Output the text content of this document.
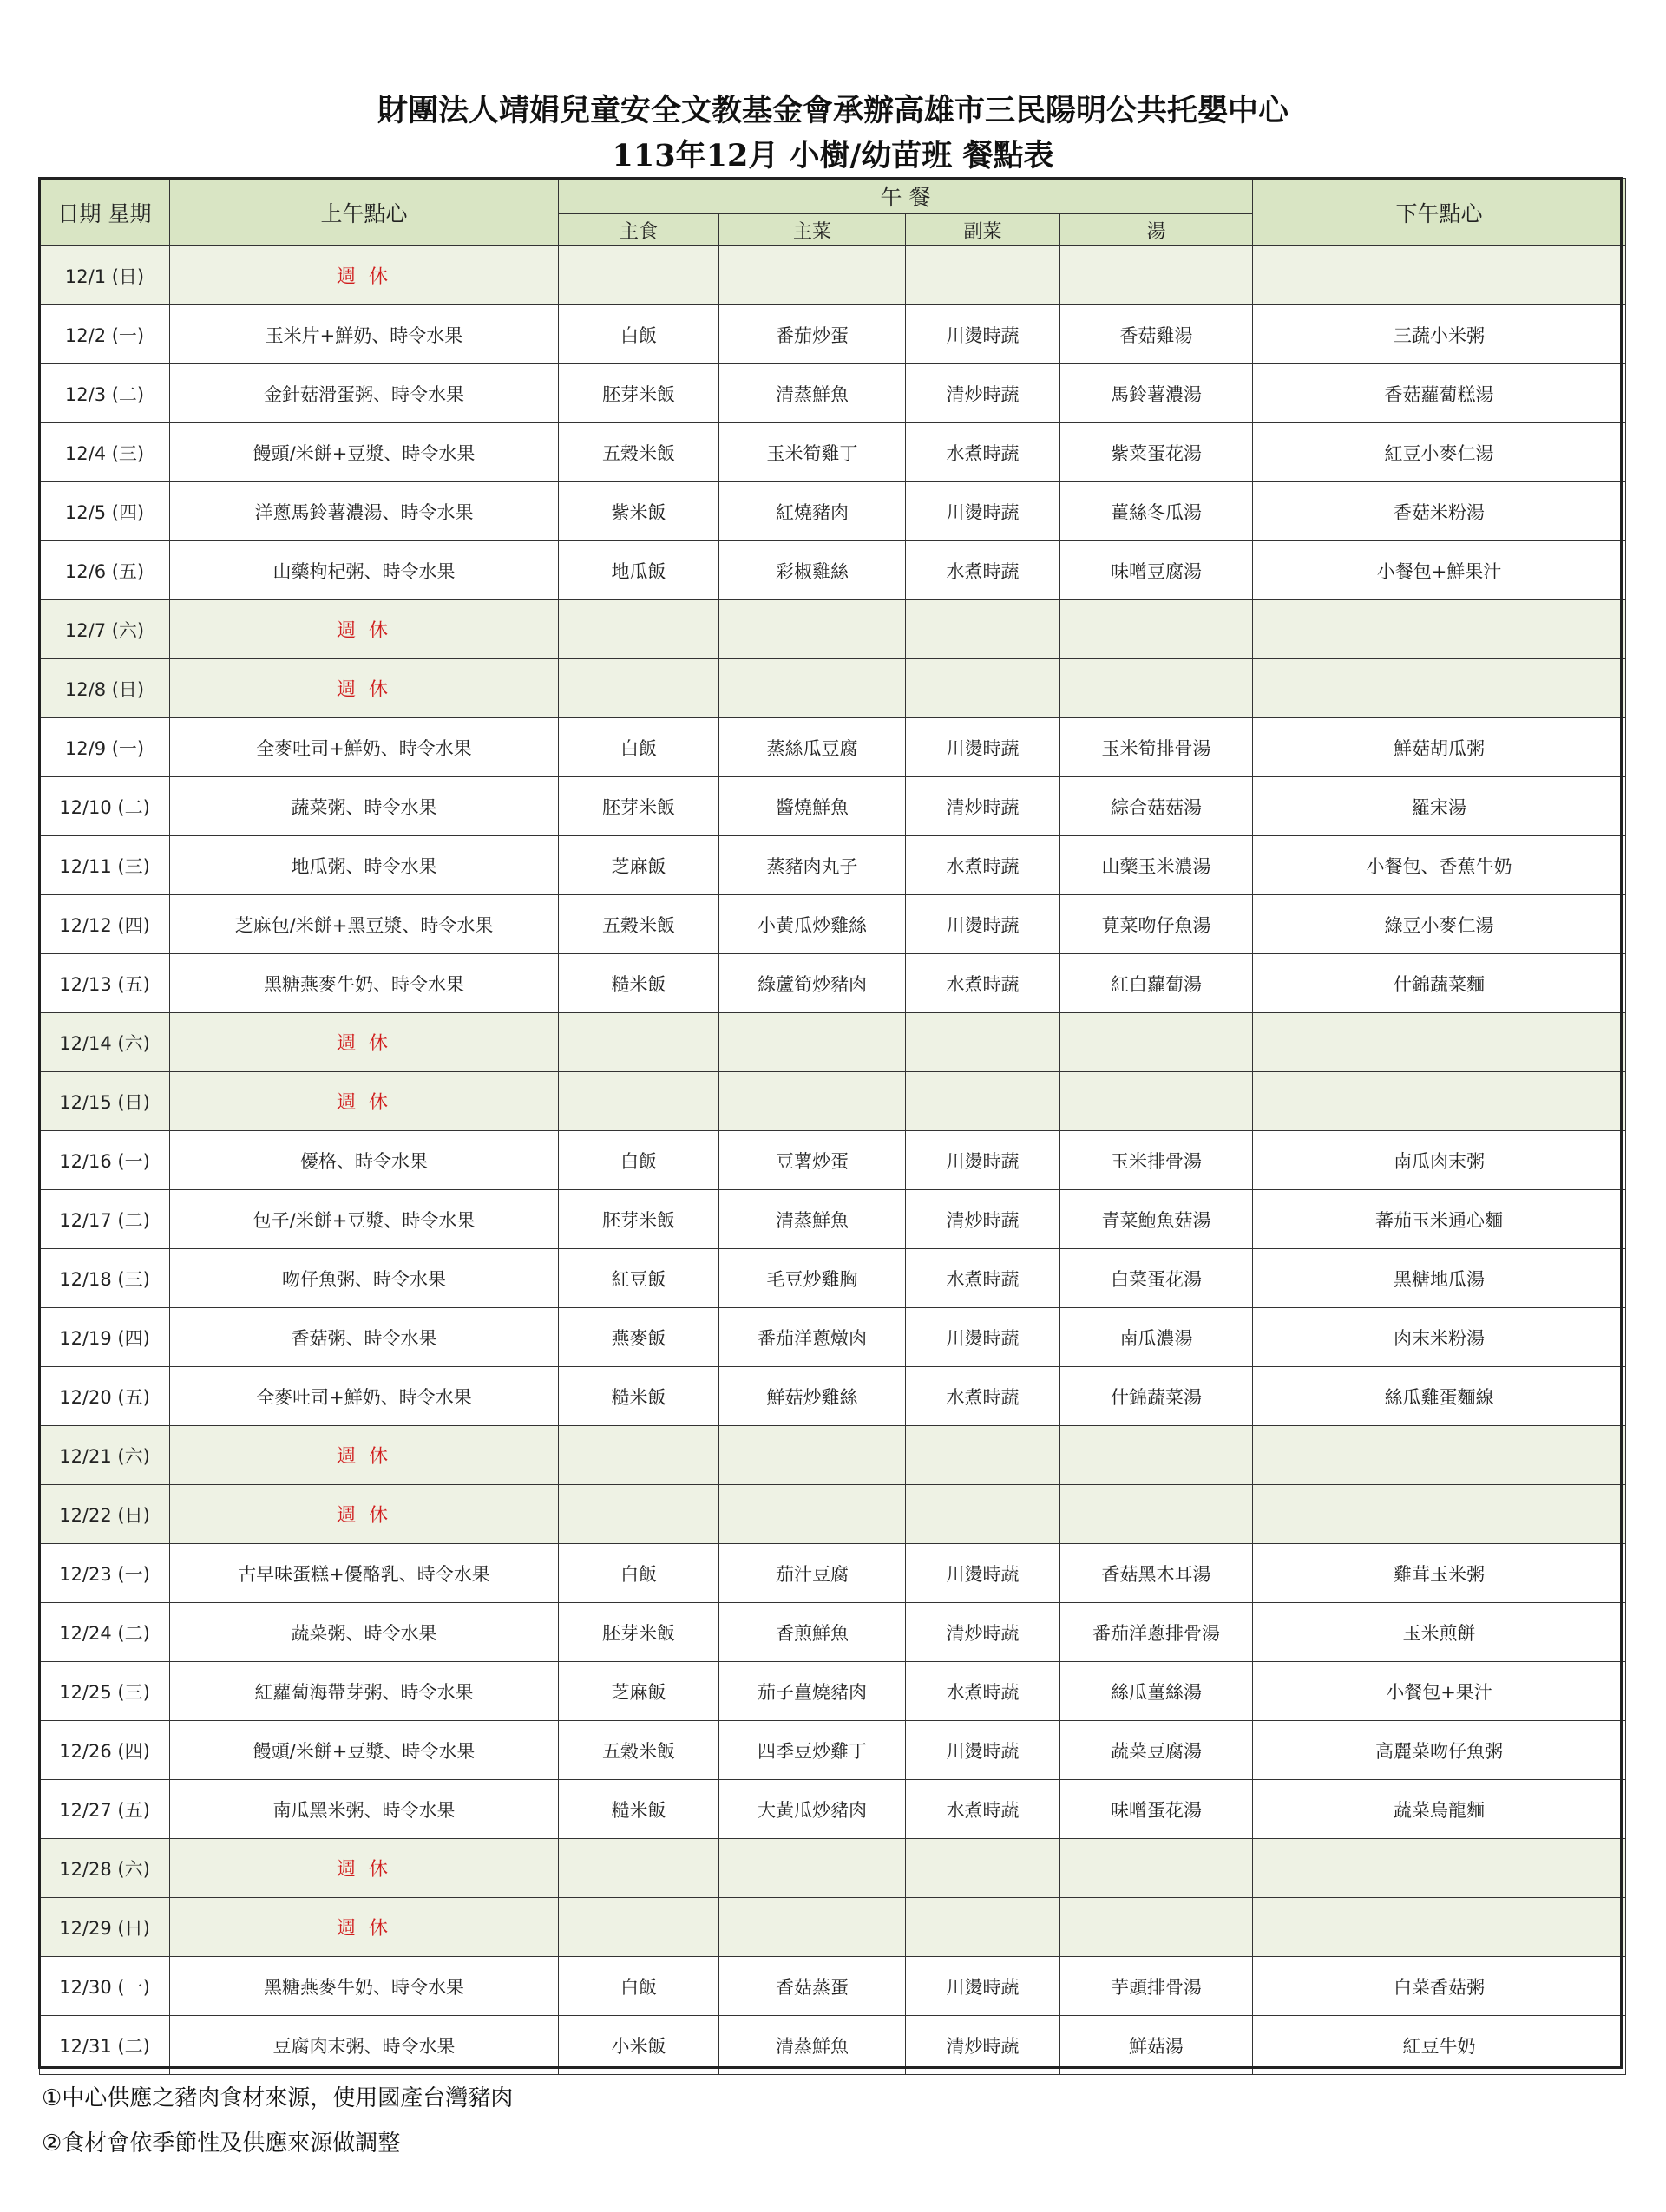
財團法人靖娟兒童安全文教基金會承辦高雄市三民陽明公共托嬰中心
113年12月 小樹/幼苗班 餐點表
日期 星期	上午點心	午 餐				下午點心
		主食	主菜	副菜	湯	
12/1 (日)	週 休					
12/2 (一)	玉米片+鮮奶、時令水果	白飯	番茄炒蛋	川燙時蔬	香菇雞湯	三蔬小米粥
12/3 (二)	金針菇滑蛋粥、時令水果	胚芽米飯	清蒸鮮魚	清炒時蔬	馬鈴薯濃湯	香菇蘿蔔糕湯
12/4 (三)	饅頭/米餅+豆漿、時令水果	五穀米飯	玉米筍雞丁	水煮時蔬	紫菜蛋花湯	紅豆小麥仁湯
12/5 (四)	洋蔥馬鈴薯濃湯、時令水果	紫米飯	紅燒豬肉	川燙時蔬	薑絲冬瓜湯	香菇米粉湯
12/6 (五)	山藥枸杞粥、時令水果	地瓜飯	彩椒雞絲	水煮時蔬	味噌豆腐湯	小餐包+鮮果汁
12/7 (六)	週 休					
12/8 (日)	週 休					
12/9 (一)	全麥吐司+鮮奶、時令水果	白飯	蒸絲瓜豆腐	川燙時蔬	玉米筍排骨湯	鮮菇胡瓜粥
12/10 (二)	蔬菜粥、時令水果	胚芽米飯	醬燒鮮魚	清炒時蔬	綜合菇菇湯	羅宋湯
12/11 (三)	地瓜粥、時令水果	芝麻飯	蒸豬肉丸子	水煮時蔬	山藥玉米濃湯	小餐包、香蕉牛奶
12/12 (四)	芝麻包/米餅+黑豆漿、時令水果	五穀米飯	小黃瓜炒雞絲	川燙時蔬	莧菜吻仔魚湯	綠豆小麥仁湯
12/13 (五)	黑糖燕麥牛奶、時令水果	糙米飯	綠蘆筍炒豬肉	水煮時蔬	紅白蘿蔔湯	什錦蔬菜麵
12/14 (六)	週 休					
12/15 (日)	週 休					
12/16 (一)	優格、時令水果	白飯	豆薯炒蛋	川燙時蔬	玉米排骨湯	南瓜肉末粥
12/17 (二)	包子/米餅+豆漿、時令水果	胚芽米飯	清蒸鮮魚	清炒時蔬	青菜鮑魚菇湯	蕃茄玉米通心麵
12/18 (三)	吻仔魚粥、時令水果	紅豆飯	毛豆炒雞胸	水煮時蔬	白菜蛋花湯	黑糖地瓜湯
12/19 (四)	香菇粥、時令水果	燕麥飯	番茄洋蔥燉肉	川燙時蔬	南瓜濃湯	肉末米粉湯
12/20 (五)	全麥吐司+鮮奶、時令水果	糙米飯	鮮菇炒雞絲	水煮時蔬	什錦蔬菜湯	絲瓜雞蛋麵線
12/21 (六)	週 休					
12/22 (日)	週 休					
12/23 (一)	古早味蛋糕+優酪乳、時令水果	白飯	茄汁豆腐	川燙時蔬	香菇黑木耳湯	雞茸玉米粥
12/24 (二)	蔬菜粥、時令水果	胚芽米飯	香煎鮮魚	清炒時蔬	番茄洋蔥排骨湯	玉米煎餅
12/25 (三)	紅蘿蔔海帶芽粥、時令水果	芝麻飯	茄子薑燒豬肉	水煮時蔬	絲瓜薑絲湯	小餐包+果汁
12/26 (四)	饅頭/米餅+豆漿、時令水果	五穀米飯	四季豆炒雞丁	川燙時蔬	蔬菜豆腐湯	高麗菜吻仔魚粥
12/27 (五)	南瓜黑米粥、時令水果	糙米飯	大黃瓜炒豬肉	水煮時蔬	味噌蛋花湯	蔬菜烏龍麵
12/28 (六)	週 休					
12/29 (日)	週 休					
12/30 (一)	黑糖燕麥牛奶、時令水果	白飯	香菇蒸蛋	川燙時蔬	芋頭排骨湯	白菜香菇粥
12/31 (二)	豆腐肉末粥、時令水果	小米飯	清蒸鮮魚	清炒時蔬	鮮菇湯	紅豆牛奶
①中心供應之豬肉食材來源，使用國產台灣豬肉
②食材會依季節性及供應來源做調整
